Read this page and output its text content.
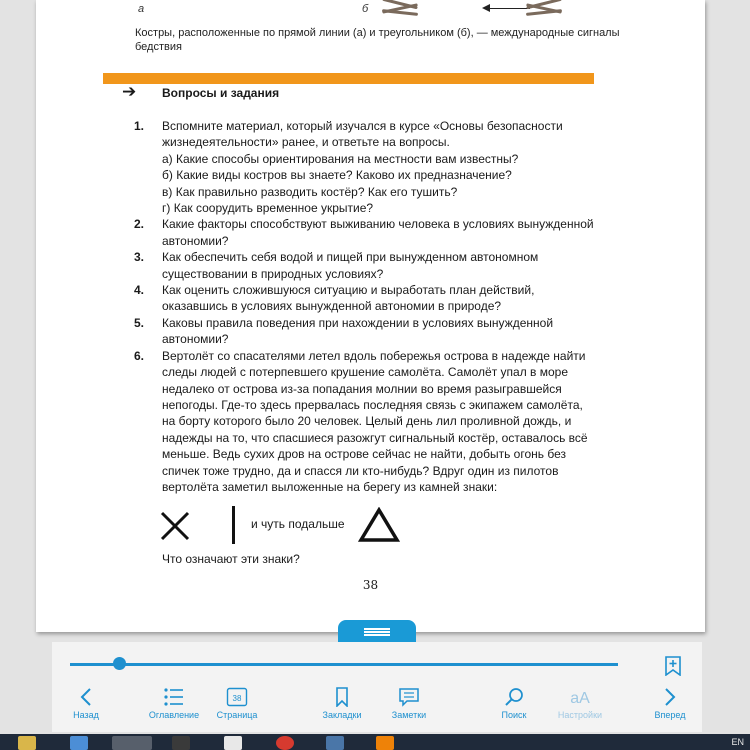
а	б
Костры, расположенные по прямой линии (а) и треугольником (б), — международные сигналы бедствия
➔ Вопросы и задания
1. Вспомните материал, который изучался в курсе «Основы безопасности жизнедеятельности» ранее, и ответьте на вопросы.
а) Какие способы ориентирования на местности вам известны?
б) Какие виды костров вы знаете? Каково их предназначение?
в) Как правильно разводить костёр? Как его тушить?
г) Как соорудить временное укрытие?
2. Какие факторы способствуют выживанию человека в условиях вынужденной автономии?
3. Как обеспечить себя водой и пищей при вынужденном автономном существовании в природных условиях?
4. Как оценить сложившуюся ситуацию и выработать план действий, оказавшись в условиях вынужденной автономии в природе?
5. Каковы правила поведения при нахождении в условиях вынужденной автономии?
6. Вертолёт со спасателями летел вдоль побережья острова в надежде найти следы людей с потерпевшего крушение самолёта. Самолёт упал в море недалеко от острова из-за попадания молнии во время разыгравшейся непогоды. Где-то здесь прервалась последняя связь с экипажем самолёта, на борту которого было 20 человек. Целый день лил проливной дождь, и надежды на то, что спасшиеся разожгут сигнальный костёр, оставалось всё меньше. Ведь сухих дров на острове сейчас не найти, добыть огонь без спичек тоже трудно, да и спасся ли кто-нибудь? Вдруг один из пилотов вертолёта заметил выложенные на берегу из камней знаки:
и чуть подальше
Что означают эти знаки?
38
Назад	Оглавление
38
Страница	Закладки	Заметки	Поиск
aA
Настройки	Вперед
EN
